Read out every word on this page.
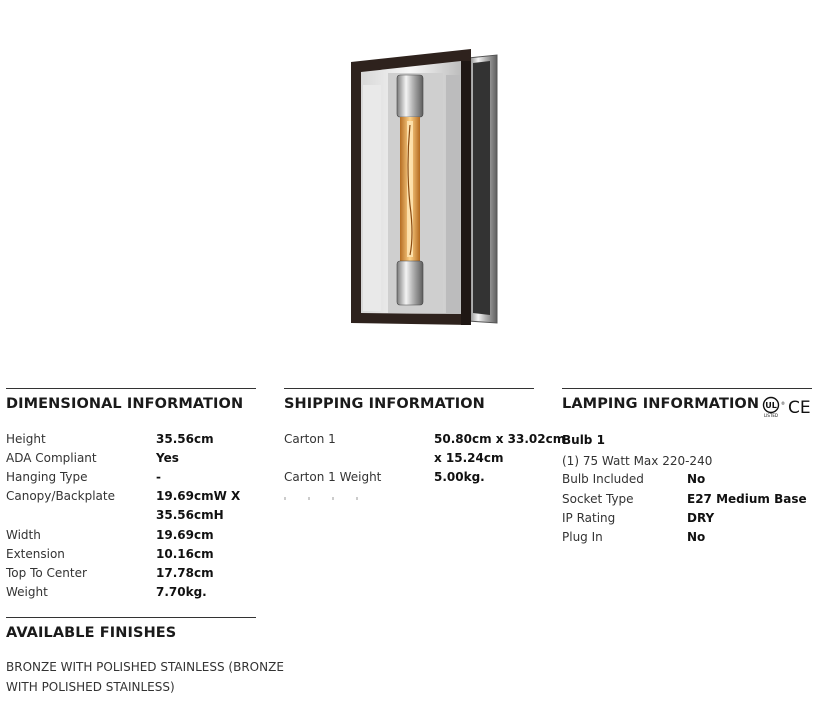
DIMENSIONAL INFORMATION
Height	35.56cm
ADA Compliant	Yes
Hanging Type	-
Canopy/Backplate	19.69cmW X
35.56cmH
Width	19.69cm
Extension	10.16cm
Top To Center	17.78cm
Weight	7.70kg.
SHIPPING INFORMATION
Carton 1	50.80cm x 33.02cm
x 15.24cm
Carton 1 Weight	5.00kg.
LAMPING INFORMATION UL
LISTED
® CE
Bulb 1
(1) 75 Watt Max 220-240
Bulb Included	No
Socket Type	E27 Medium Base
IP Rating	DRY
Plug In	No
AVAILABLE FINISHES
BRONZE WITH POLISHED STAINLESS (BRONZE WITH POLISHED STAINLESS)
